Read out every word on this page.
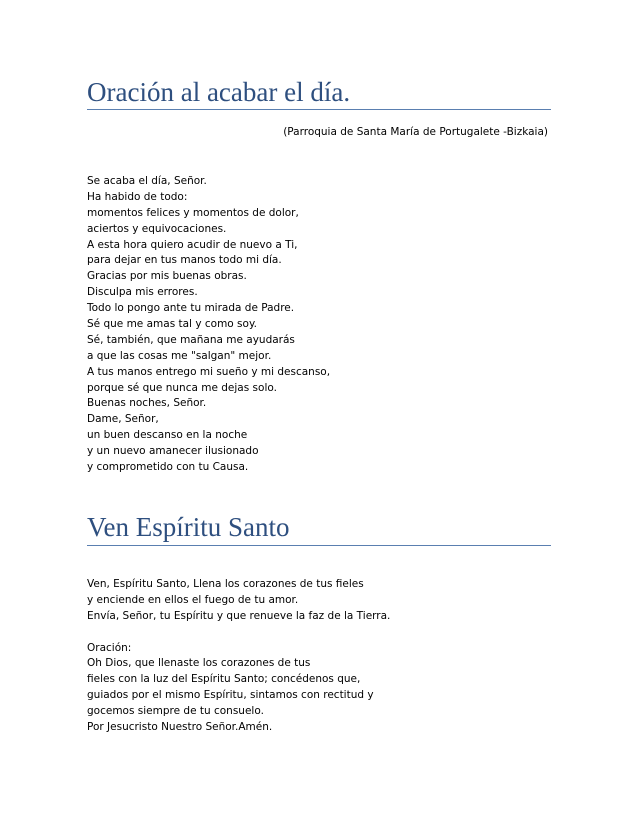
Oración al acabar el día.
(Parroquia de Santa María de Portugalete -Bizkaia)
Se acaba el día, Señor.
Ha habido de todo:
momentos felices y momentos de dolor,
aciertos y equivocaciones.
A esta hora quiero acudir de nuevo a Ti,
para dejar en tus manos todo mi día.
Gracias por mis buenas obras.
Disculpa mis errores.
Todo lo pongo ante tu mirada de Padre.
Sé que me amas tal y como soy.
Sé, también, que mañana me ayudarás
a que las cosas me "salgan" mejor.
A tus manos entrego mi sueño y mi descanso,
porque sé que nunca me dejas solo.
Buenas noches, Señor.
Dame, Señor,
un buen descanso en la noche
y un nuevo amanecer ilusionado
y comprometido con tu Causa.
Ven Espíritu Santo
Ven, Espíritu Santo, Llena los corazones de tus fieles
y enciende en ellos el fuego de tu amor.
Envía, Señor, tu Espíritu y que renueve la faz de la Tierra.
Oración:
Oh Dios, que llenaste los corazones de tus
fieles con la luz del Espíritu Santo; concédenos que,
guiados por el mismo Espíritu, sintamos con rectitud y
gocemos siempre de tu consuelo.
Por Jesucristo Nuestro Señor.Amén.
